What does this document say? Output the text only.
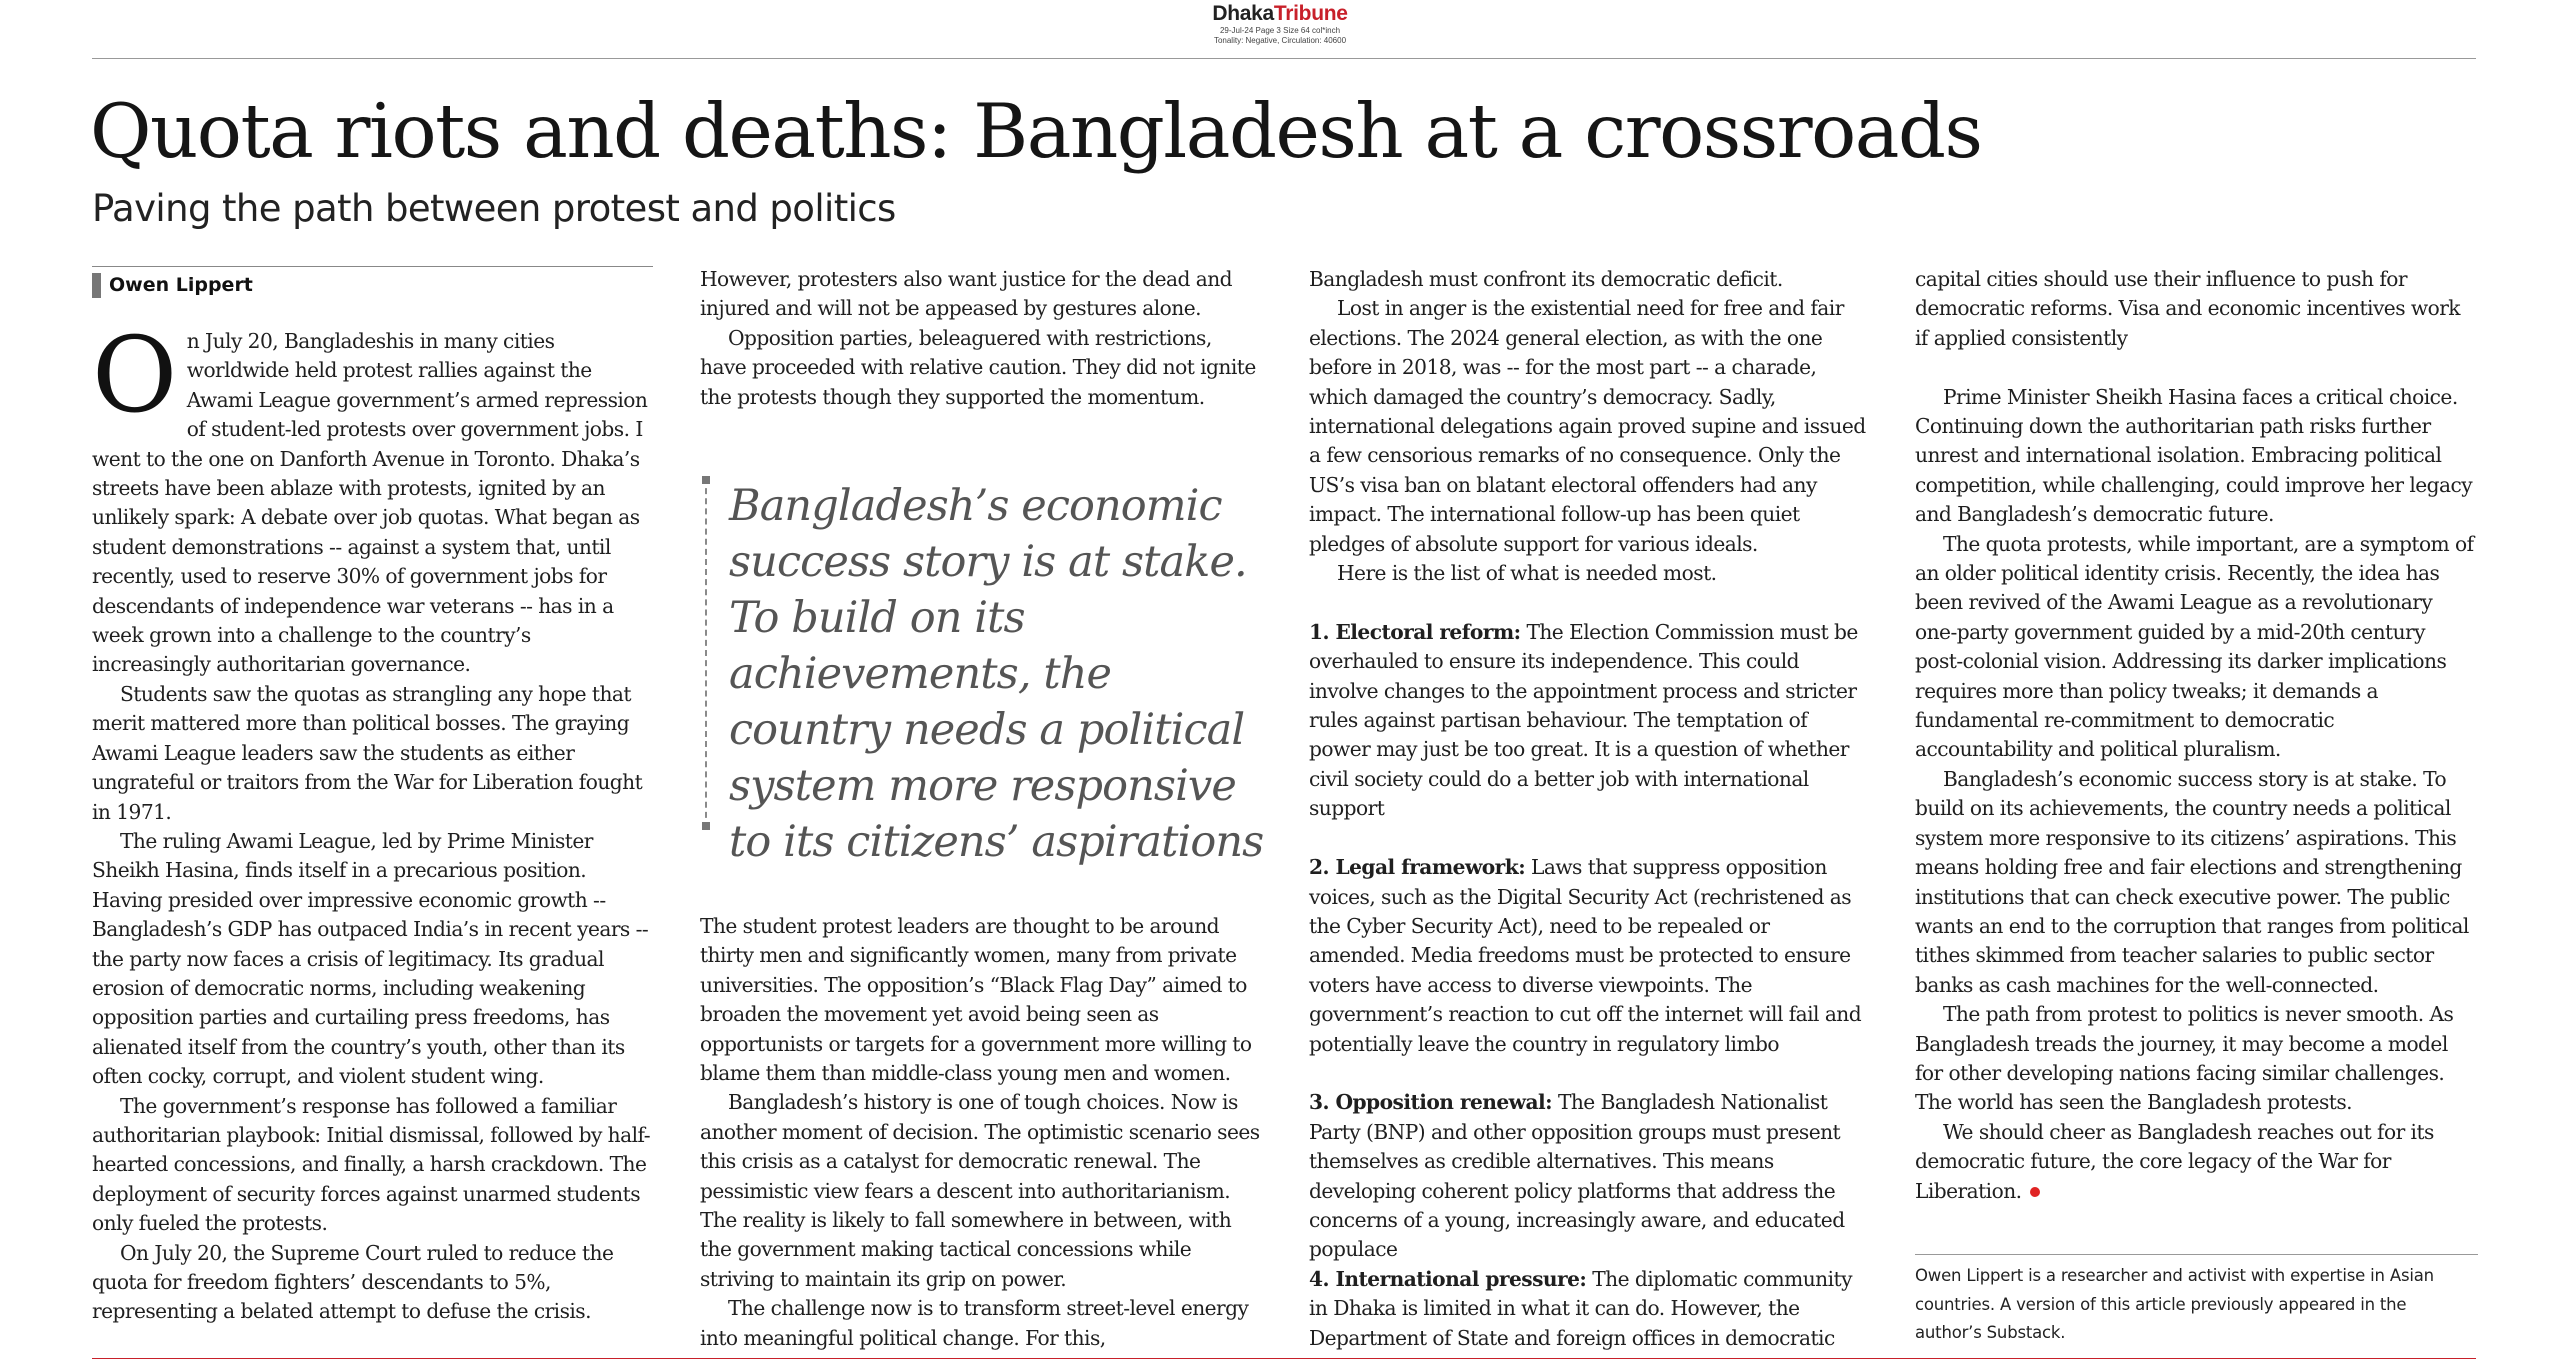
DhakaTribune
29-Jul-24 Page 3 Size 64 col*inch
Tonality: Negative, Circulation: 40600
Quota riots and deaths: Bangladesh at a crossroads
Paving the path between protest and politics
Owen Lippert

On July 20, Bangladeshis in many cities worldwide held protest rallies against the Awami League government’s armed repression of student-led protests over government jobs. I went to the one on Danforth Avenue in Toronto. Dhaka’s streets have been ablaze with protests, ignited by an unlikely spark: A debate over job quotas. What began as student demonstrations -- against a system that, until recently, used to reserve 30% of government jobs for descendants of independence war veterans -- has in a week grown into a challenge to the country’s increasingly authoritarian governance.

Students saw the quotas as strangling any hope that merit mattered more than political bosses. The graying Awami League leaders saw the students as either ungrateful or traitors from the War for Liberation fought in 1971.

The ruling Awami League, led by Prime Minister Sheikh Hasina, finds itself in a precarious position. Having presided over impressive economic growth -- Bangladesh’s GDP has outpaced India’s in recent years -- the party now faces a crisis of legitimacy. Its gradual erosion of democratic norms, including weakening opposition parties and curtailing press freedoms, has alienated itself from the country’s youth, other than its often cocky, corrupt, and violent student wing.

The government’s response has followed a familiar authoritarian playbook: Initial dismissal, followed by half-hearted concessions, and finally, a harsh crackdown. The deployment of security forces against unarmed students only fueled the protests.

On July 20, the Supreme Court ruled to reduce the quota for freedom fighters’ descendants to 5%, representing a belated attempt to defuse the crisis.

However, protesters also want justice for the dead and injured and will not be appeased by gestures alone.

Opposition parties, beleaguered with restrictions, have proceeded with relative caution. They did not ignite the protests though they supported the momentum.

Bangladesh’s economic success story is at stake. To build on its achievements, the country needs a political system more responsive to its citizens’ aspirations

The student protest leaders are thought to be around thirty men and significantly women, many from private universities. The opposition’s “Black Flag Day” aimed to broaden the movement yet avoid being seen as opportunists or targets for a government more willing to blame them than middle-class young men and women.

Bangladesh’s history is one of tough choices. Now is another moment of decision. The optimistic scenario sees this crisis as a catalyst for democratic renewal. The pessimistic view fears a descent into authoritarianism. The reality is likely to fall somewhere in between, with the government making tactical concessions while striving to maintain its grip on power.

The challenge now is to transform street-level energy into meaningful political change. For this,

Bangladesh must confront its democratic deficit.

Lost in anger is the existential need for free and fair elections. The 2024 general election, as with the one before in 2018, was -- for the most part -- a charade, which damaged the country’s democracy. Sadly, international delegations again proved supine and issued a few censorious remarks of no consequence. Only the US’s visa ban on blatant electoral offenders had any impact. The international follow-up has been quiet pledges of absolute support for various ideals.

Here is the list of what is needed most.

1. Electoral reform: The Election Commission must be overhauled to ensure its independence. This could involve changes to the appointment process and stricter rules against partisan behaviour. The temptation of power may just be too great. It is a question of whether civil society could do a better job with international support

2. Legal framework: Laws that suppress opposition voices, such as the Digital Security Act (rechristened as the Cyber Security Act), need to be repealed or amended. Media freedoms must be protected to ensure voters have access to diverse viewpoints. The government’s reaction to cut off the internet will fail and potentially leave the country in regulatory limbo

3. Opposition renewal: The Bangladesh Nationalist Party (BNP) and other opposition groups must present themselves as credible alternatives. This means developing coherent policy platforms that address the concerns of a young, increasingly aware, and educated populace

4. International pressure: The diplomatic community in Dhaka is limited in what it can do. However, the Department of State and foreign offices in democratic

capital cities should use their influence to push for democratic reforms. Visa and economic incentives work if applied consistently

Prime Minister Sheikh Hasina faces a critical choice. Continuing down the authoritarian path risks further unrest and international isolation. Embracing political competition, while challenging, could improve her legacy and Bangladesh’s democratic future.

The quota protests, while important, are a symptom of an older political identity crisis. Recently, the idea has been revived of the Awami League as a revolutionary one-party government guided by a mid-20th century post-colonial vision. Addressing its darker implications requires more than policy tweaks; it demands a fundamental re-commitment to democratic accountability and political pluralism.

Bangladesh’s economic success story is at stake. To build on its achievements, the country needs a political system more responsive to its citizens’ aspirations. This means holding free and fair elections and strengthening institutions that can check executive power. The public wants an end to the corruption that ranges from political tithes skimmed from teacher salaries to public sector banks as cash machines for the well-connected.

The path from protest to politics is never smooth. As Bangladesh treads the journey, it may become a model for other developing nations facing similar challenges. The world has seen the Bangladesh protests.

We should cheer as Bangladesh reaches out for its democratic future, the core legacy of the War for Liberation.

Owen Lippert is a researcher and activist with expertise in Asian countries. A version of this article previously appeared in the author’s Substack.
